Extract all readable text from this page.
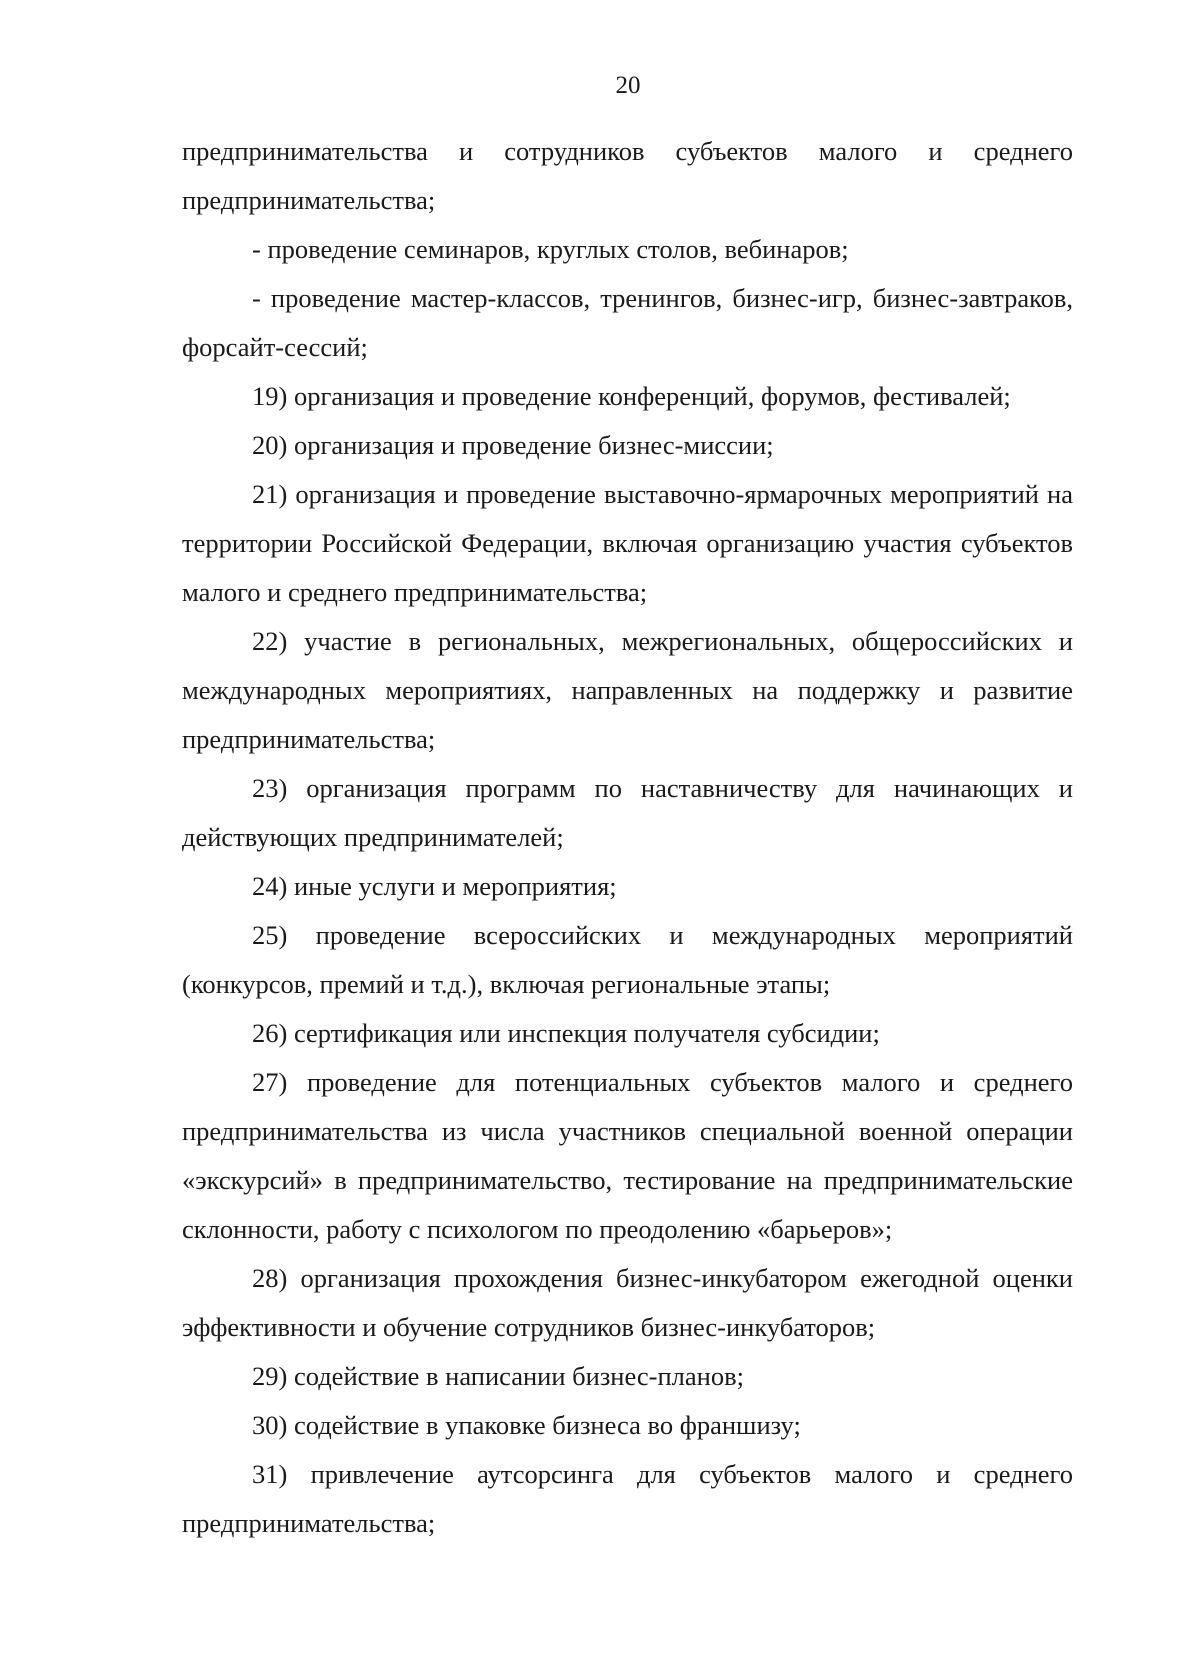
20

предпринимательства и сотрудников субъектов малого и среднего предпринимательства;

- проведение семинаров, круглых столов, вебинаров;

- проведение мастер-классов, тренингов, бизнес-игр, бизнес-завтраков, форсайт-сессий;

19) организация и проведение конференций, форумов, фестивалей;

20) организация и проведение бизнес-миссии;

21) организация и проведение выставочно-ярмарочных мероприятий на территории Российской Федерации, включая организацию участия субъектов малого и среднего предпринимательства;

22) участие в региональных, межрегиональных, общероссийских и международных мероприятиях, направленных на поддержку и развитие предпринимательства;

23) организация программ по наставничеству для начинающих и действующих предпринимателей;

24) иные услуги и мероприятия;

25) проведение всероссийских и международных мероприятий (конкурсов, премий и т.д.), включая региональные этапы;

26) сертификация или инспекция получателя субсидии;

27) проведение для потенциальных субъектов малого и среднего предпринимательства из числа участников специальной военной операции «экскурсий» в предпринимательство, тестирование на предпринимательские склонности, работу с психологом по преодолению «барьеров»;

28) организация прохождения бизнес-инкубатором ежегодной оценки эффективности и обучение сотрудников бизнес-инкубаторов;

29) содействие в написании бизнес-планов;

30) содействие в упаковке бизнеса во франшизу;

31) привлечение аутсорсинга для субъектов малого и среднего предпринимательства;
